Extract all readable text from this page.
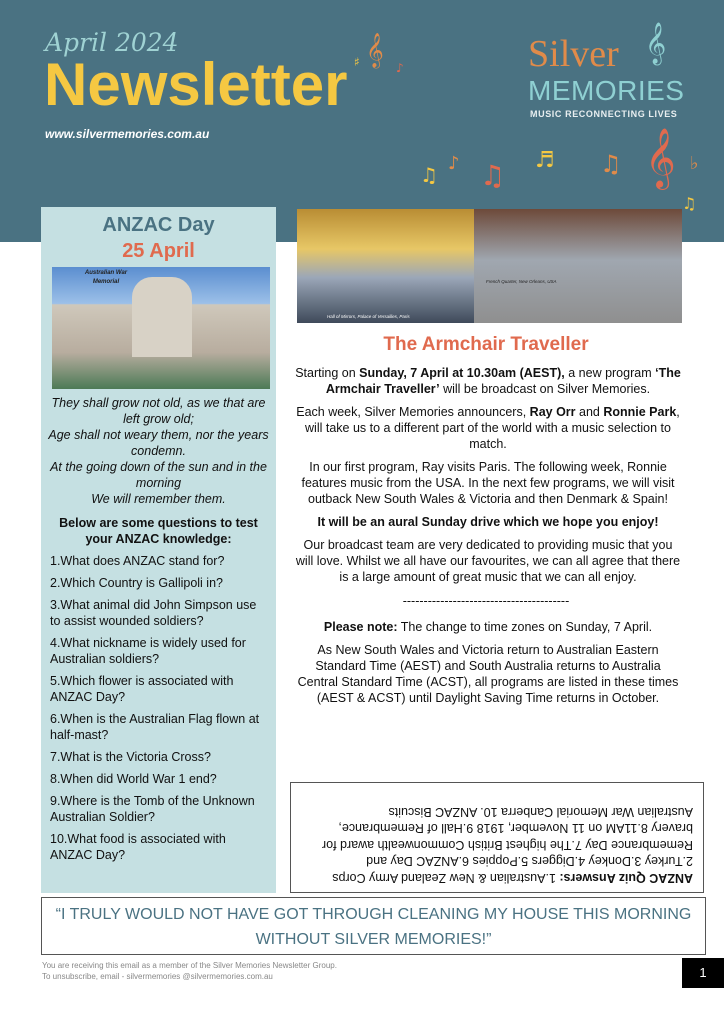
April 2024
Newsletter
www.silvermemories.com.au
𝄞
♯	♪	Silver 𝄞
MEMORIES
MUSIC RECONNECTING LIVES
♫ ♪ ♫ ♬ ♫ 𝄞 ♭
♫
ANZAC Day
25 April
Australian War Memorial
They shall grow not old, as we that are left grow old;
Age shall not weary them, nor the years condemn.
At the going down of the sun and in the morning
We will remember them.
Below are some questions to test your ANZAC knowledge:
1.What does ANZAC stand for?
2.Which Country is Gallipoli in?
3.What animal did John Simpson use to assist wounded soldiers?
4.What nickname is widely used for Australian soldiers?
5.Which flower is associated with ANZAC Day?
6.When is the Australian Flag flown at half-mast?
7.What is the Victoria Cross?
8.When did World War 1 end?
9.Where is the Tomb of the Unknown Australian Soldier?
10.What food is associated with ANZAC Day?
Hall of Mirrors, Palace of Versailles, Paris
French Quarter, New Orleans, USA
The Armchair Traveller

Starting on Sunday, 7 April at 10.30am (AEST), a new program ‘The Armchair Traveller’ will be broadcast on Silver Memories.

Each week, Silver Memories announcers, Ray Orr and Ronnie Park, will take us to a different part of the world with a music selection to match.

In our first program, Ray visits Paris. The following week, Ronnie features music from the USA. In the next few programs, we will visit outback New South Wales & Victoria and then Denmark & Spain!

It will be an aural Sunday drive which we hope you enjoy!

Our broadcast team are very dedicated to providing music that you will love. Whilst we all have our favourites, we can all agree that there is a large amount of great music that we can all enjoy.

----------------------------------------

Please note: The change to time zones on Sunday, 7 April.

As New South Wales and Victoria return to Australian Eastern Standard Time (AEST) and South Australia returns to Australia Central Standard Time (ACST), all programs are listed in these times (AEST & ACST) until Daylight Saving Time returns in October.

ANZAC Quiz Answers: 1.Australian & New Zealand Army Corps 2.Turkey 3.Donkey 4.Diggers 5.Poppies 6.ANZAC Day and Remembrance Day 7.The highest British Commonwealth award for bravery 8.11AM on 11 November, 1918 9.Hall of Remembrance, Australian War Memorial Canberra 10. ANZAC Biscuits
“I TRULY WOULD NOT HAVE GOT THROUGH CLEANING MY HOUSE THIS MORNING WITHOUT SILVER MEMORIES!”
You are receiving this email as a member of the Silver Memories Newsletter Group.
To unsubscribe, email - silvermemories @silvermemories.com.au	1
